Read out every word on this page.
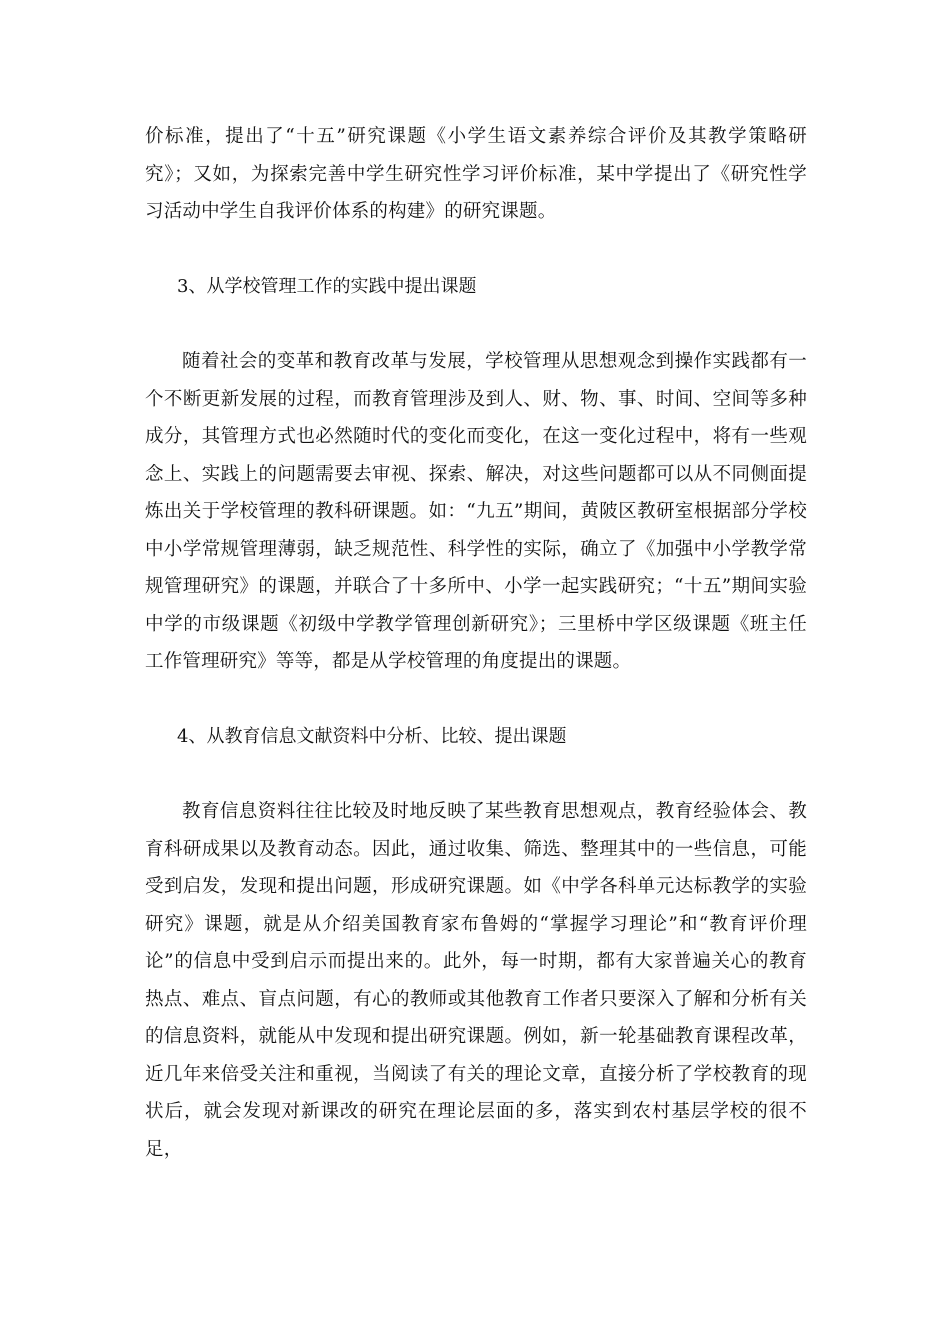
价标准，提出了“十五”研究课题《小学生语文素养综合评价及其教学策略研究》；又如，为探索完善中学生研究性学习评价标准，某中学提出了《研究性学习活动中学生自我评价体系的构建》的研究课题。

3、从学校管理工作的实践中提出课题

随着社会的变革和教育改革与发展，学校管理从思想观念到操作实践都有一个不断更新发展的过程，而教育管理涉及到人、财、物、事、时间、空间等多种成分，其管理方式也必然随时代的变化而变化，在这一变化过程中，将有一些观念上、实践上的问题需要去审视、探索、解决，对这些问题都可以从不同侧面提炼出关于学校管理的教科研课题。如：“九五”期间，黄陂区教研室根据部分学校中小学常规管理薄弱，缺乏规范性、科学性的实际，确立了《加强中小学教学常规管理研究》的课题，并联合了十多所中、小学一起实践研究；“十五”期间实验中学的市级课题《初级中学教学管理创新研究》；三里桥中学区级课题《班主任工作管理研究》等等，都是从学校管理的角度提出的课题。

4、从教育信息文献资料中分析、比较、提出课题

教育信息资料往往比较及时地反映了某些教育思想观点，教育经验体会、教育科研成果以及教育动态。因此，通过收集、筛选、整理其中的一些信息，可能受到启发，发现和提出问题，形成研究课题。如《中学各科单元达标教学的实验研究》课题，就是从介绍美国教育家布鲁姆的“掌握学习理论”和“教育评价理论”的信息中受到启示而提出来的。此外，每一时期，都有大家普遍关心的教育热点、难点、盲点问题，有心的教师或其他教育工作者只要深入了解和分析有关的信息资料，就能从中发现和提出研究课题。例如，新一轮基础教育课程改革，近几年来倍受关注和重视，当阅读了有关的理论文章，直接分析了学校教育的现状后，就会发现对新课改的研究在理论层面的多，落实到农村基层学校的很不足，
